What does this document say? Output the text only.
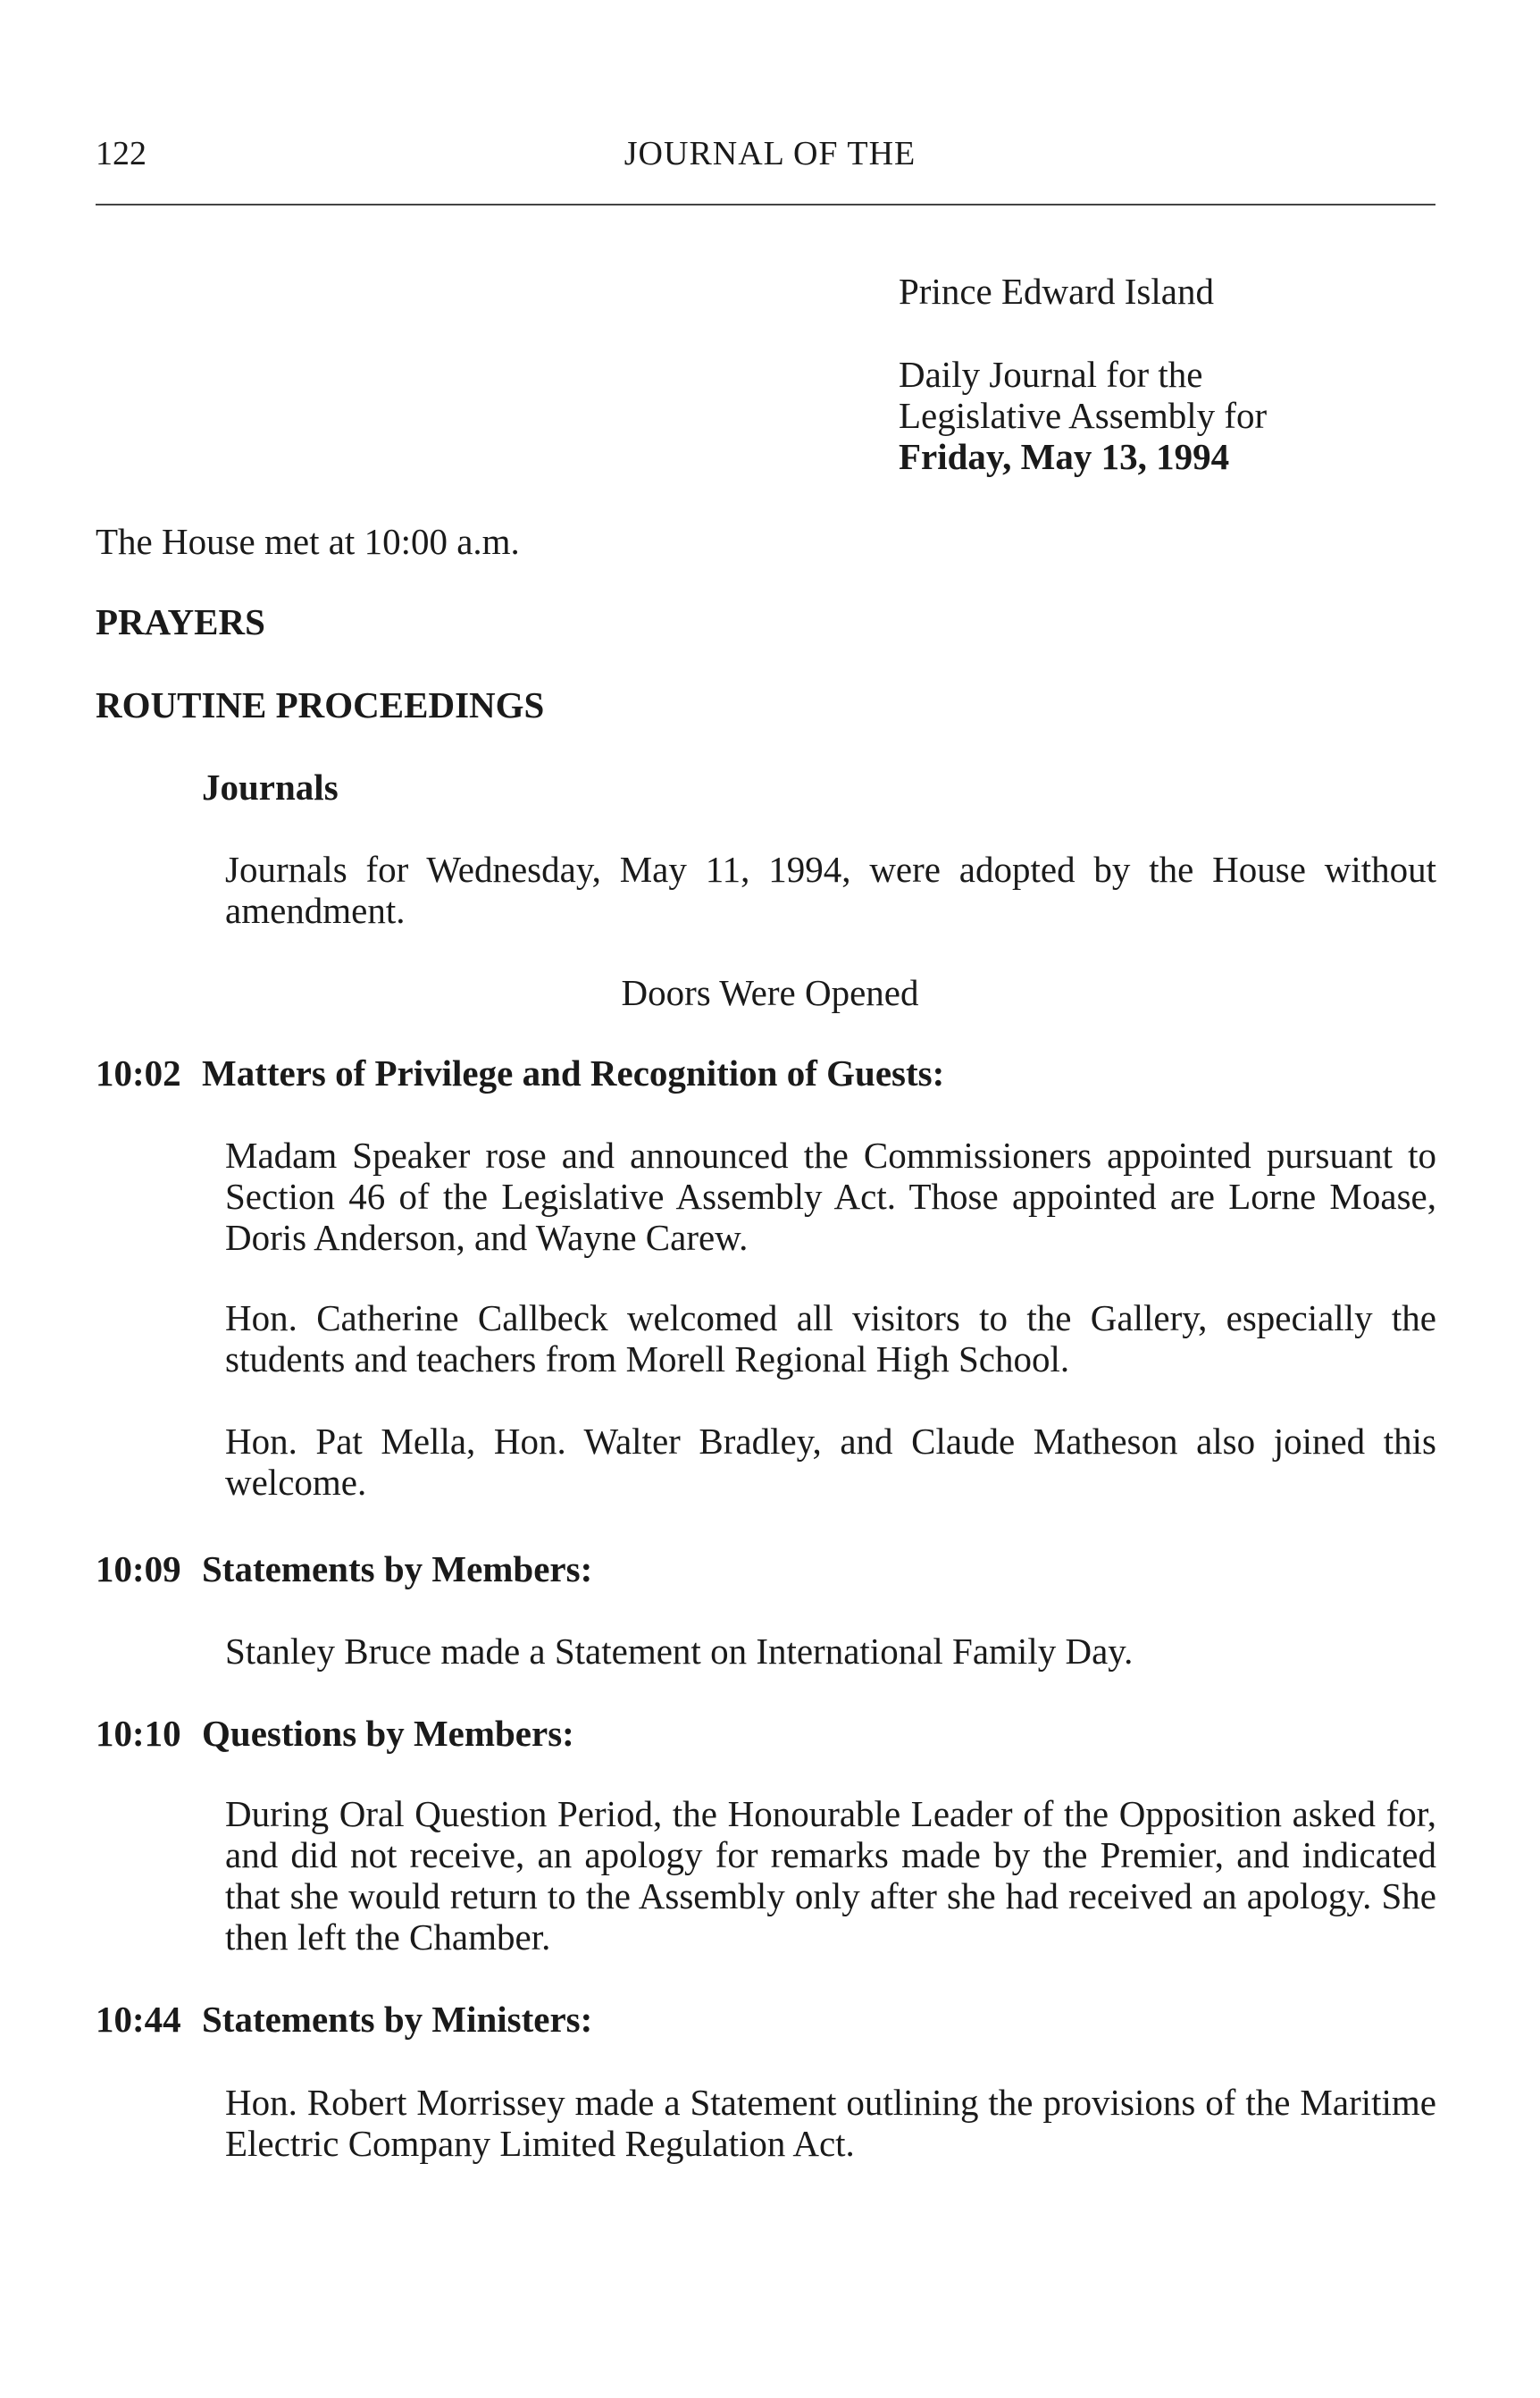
122	JOURNAL OF THE
Prince Edward Island
Daily Journal for the
Legislative Assembly for
Friday, May 13, 1994
The House met at 10:00 a.m.
PRAYERS
ROUTINE PROCEEDINGS
Journals
Journals for Wednesday, May 11, 1994, were adopted by the House without amendment.
Doors Were Opened
10:02 Matters of Privilege and Recognition of Guests:
Madam Speaker rose and announced the Commissioners appointed pursuant to Section 46 of the Legislative Assembly Act. Those appointed are Lorne Moase, Doris Anderson, and Wayne Carew.
Hon. Catherine Callbeck welcomed all visitors to the Gallery, especially the students and teachers from Morell Regional High School.
Hon. Pat Mella, Hon. Walter Bradley, and Claude Matheson also joined this welcome.
10:09 Statements by Members:
Stanley Bruce made a Statement on International Family Day.
10:10 Questions by Members:
During Oral Question Period, the Honourable Leader of the Opposition asked for, and did not receive, an apology for remarks made by the Premier, and indicated that she would return to the Assembly only after she had received an apology. She then left the Chamber.
10:44 Statements by Ministers:
Hon. Robert Morrissey made a Statement outlining the provisions of the Maritime Electric Company Limited Regulation Act.
